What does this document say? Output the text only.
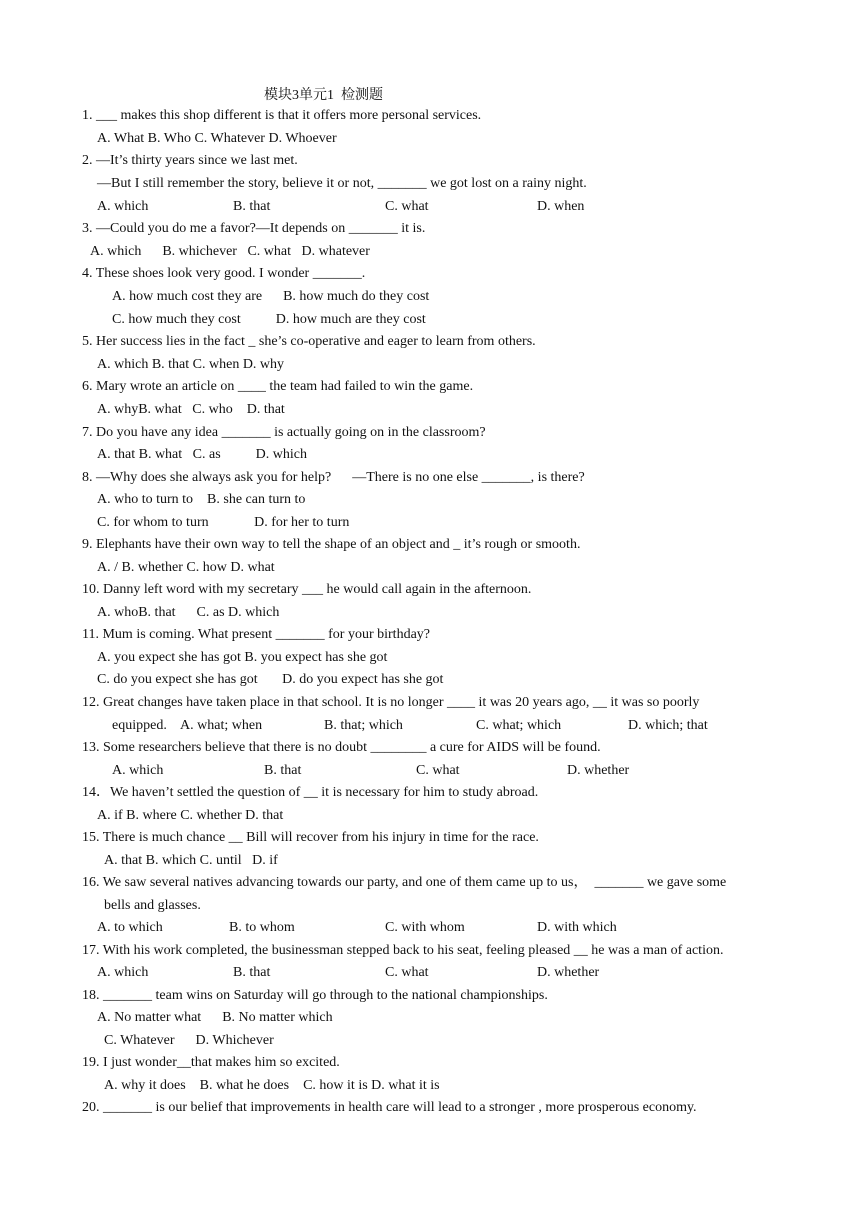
模块3单元1  检测题
1. ___ makes this shop different is that it offers more personal services.
A. What B. Who C. Whatever D. Whoever
2. —It’s thirty years since we last met.
—But I still remember the story, believe it or not, _______ we got lost on a rainy night.
A. which	B. that	C. what	D. when
3. —Could you do me a favor?—It depends on _______ it is.
A. which      B. whichever   C. what   D. whatever
4. These shoes look very good. I wonder _______.
A. how much cost they are      B. how much do they cost
C. how much they cost          D. how much are they cost
5. Her success lies in the fact _ she’s co-operative and eager to learn from others.
A. which B. that C. when D. why
6. Mary wrote an article on ____ the team had failed to win the game.
A. whyB. what   C. who    D. that
7. Do you have any idea _______ is actually going on in the classroom?
A. that B. what   C. as          D. which
8. —Why does she always ask you for help?      —There is no one else _______, is there?
A. who to turn to    B. she can turn to
C. for whom to turn             D. for her to turn
9. Elephants have their own way to tell the shape of an object and _ it’s rough or smooth.
A. / B. whether C. how D. what
10. Danny left word with my secretary ___ he would call again in the afternoon.
A. whoB. that      C. as D. which
11. Mum is coming. What present _______ for your birthday?
A. you expect she has got B. you expect has she got
C. do you expect she has got       D. do you expect has she got
12. Great changes have taken place in that school. It is no longer ____ it was 20 years ago, __ it was so poorly
equipped.    A. what; when	B. that; which	C. what; which	D. which; that
13. Some researchers believe that there is no doubt ________ a cure for AIDS will be found.
A. which	B. that	C. what	D. whether
14．We haven’t settled the question of __ it is necessary for him to study abroad.
A. if B. where C. whether D. that
15. There is much chance __ Bill will recover from his injury in time for the race.
A. that B. which C. until   D. if
16. We saw several natives advancing towards our party, and one of them came up to us，  _______ we gave some
bells and glasses.
A. to which	B. to whom	C. with whom	D. with which
17. With his work completed, the businessman stepped back to his seat, feeling pleased __ he was a man of action.
A. which	B. that	C. what	D. whether
18. _______ team wins on Saturday will go through to the national championships.
A. No matter what      B. No matter which
C. Whatever      D. Whichever
19. I just wonder__that makes him so excited.
A. why it does    B. what he does    C. how it is D. what it is
20. _______ is our belief that improvements in health care will lead to a stronger , more prosperous economy.
